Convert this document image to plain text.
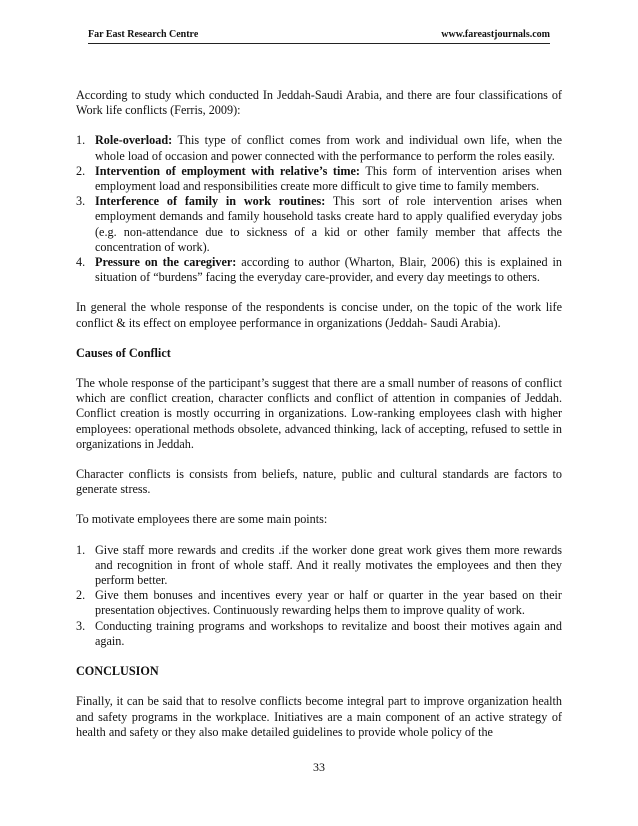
Far East Research Centre	www.fareastjournals.com

According to study which conducted In Jeddah-Saudi Arabia, and there are four classifications of Work life conflicts (Ferris, 2009):

1. Role-overload: This type of conflict comes from work and individual own life, when the whole load of occasion and power connected with the performance to perform the roles easily.
2. Intervention of employment with relative’s time: This form of intervention arises when employment load and responsibilities create more difficult to give time to family members.
3. Interference of family in work routines: This sort of role intervention arises when employment demands and family household tasks create hard to apply qualified everyday jobs (e.g. non-attendance due to sickness of a kid or other family member that affects the concentration of work).
4. Pressure on the caregiver: according to author (Wharton, Blair, 2006) this is explained in situation of “burdens” facing the everyday care-provider, and every day meetings to others.

In general the whole response of the respondents is concise under, on the topic of the work life conflict & its effect on employee performance in organizations (Jeddah- Saudi Arabia).

Causes of Conflict

The whole response of the participant’s suggest that there are a small number of reasons of conflict which are conflict creation, character conflicts and conflict of attention in companies of Jeddah. Conflict creation is mostly occurring in organizations. Low-ranking employees clash with higher employees: operational methods obsolete, advanced thinking, lack of accepting, refused to settle in organizations in Jeddah.

Character conflicts is consists from beliefs, nature, public and cultural standards are factors to generate stress.

To motivate employees there are some main points:

1. Give staff more rewards and credits .if the worker done great work gives them more rewards and recognition in front of whole staff. And it really motivates the employees and then they perform better.
2. Give them bonuses and incentives every year or half or quarter in the year based on their presentation objectives. Continuously rewarding helps them to improve quality of work.
3. Conducting training programs and workshops to revitalize and boost their motives again and again.
CONCLUSION

Finally, it can be said that to resolve conflicts become integral part to improve organization health and safety programs in the workplace. Initiatives are a main component of an active strategy of health and safety or they also make detailed guidelines to provide whole policy of the

33
